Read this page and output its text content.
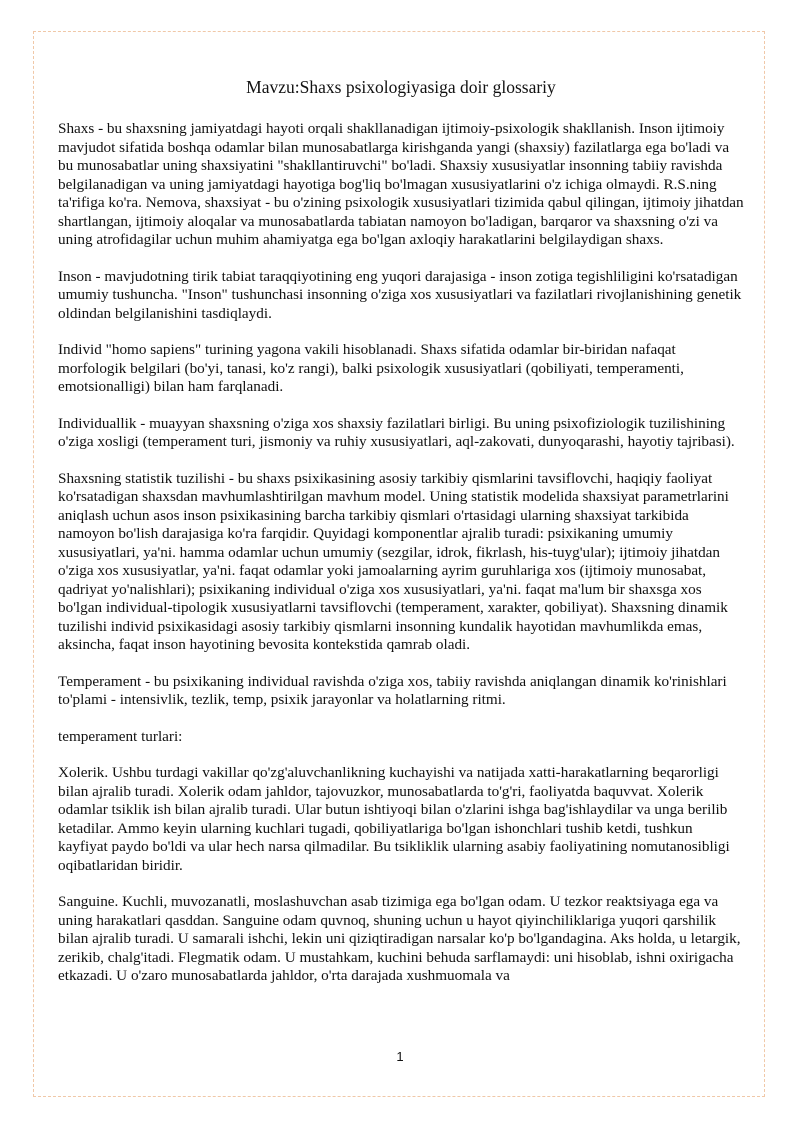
Mavzu:Shaxs psixologiyasiga doir glossariy

Shaxs - bu shaxsning jamiyatdagi hayoti orqali shakllanadigan ijtimoiy-psixologik shakllanish. Inson ijtimoiy mavjudot sifatida boshqa odamlar bilan munosabatlarga kirishganda yangi (shaxsiy) fazilatlarga ega bo'ladi va bu munosabatlar uning shaxsiyatini "shakllantiruvchi" bo'ladi. Shaxsiy xususiyatlar insonning tabiiy ravishda belgilanadigan va uning jamiyatdagi hayotiga bog'liq bo'lmagan xususiyatlarini o'z ichiga olmaydi. R.S.ning ta'rifiga ko'ra. Nemova, shaxsiyat - bu o'zining psixologik xususiyatlari tizimida qabul qilingan, ijtimoiy jihatdan shartlangan, ijtimoiy aloqalar va munosabatlarda tabiatan namoyon bo'ladigan, barqaror va shaxsning o'zi va uning atrofidagilar uchun muhim ahamiyatga ega bo'lgan axloqiy harakatlarini belgilaydigan shaxs.

Inson - mavjudotning tirik tabiat taraqqiyotining eng yuqori darajasiga - inson zotiga tegishliligini ko'rsatadigan umumiy tushuncha. "Inson" tushunchasi insonning o'ziga xos xususiyatlari va fazilatlari rivojlanishining genetik oldindan belgilanishini tasdiqlaydi.

Individ "homo sapiens" turining yagona vakili hisoblanadi. Shaxs sifatida odamlar bir-biridan nafaqat morfologik belgilari (bo'yi, tanasi, ko'z rangi), balki psixologik xususiyatlari (qobiliyati, temperamenti, emotsionalligi) bilan ham farqlanadi.

Individuallik - muayyan shaxsning o'ziga xos shaxsiy fazilatlari birligi. Bu uning psixofiziologik tuzilishining o'ziga xosligi (temperament turi, jismoniy va ruhiy xususiyatlari, aql-zakovati, dunyoqarashi, hayotiy tajribasi).

Shaxsning statistik tuzilishi - bu shaxs psixikasining asosiy tarkibiy qismlarini tavsiflovchi, haqiqiy faoliyat ko'rsatadigan shaxsdan mavhumlashtirilgan mavhum model. Uning statistik modelida shaxsiyat parametrlarini aniqlash uchun asos inson psixikasining barcha tarkibiy qismlari o'rtasidagi ularning shaxsiyat tarkibida namoyon bo'lish darajasiga ko'ra farqidir. Quyidagi komponentlar ajralib turadi: psixikaning umumiy xususiyatlari, ya'ni. hamma odamlar uchun umumiy (sezgilar, idrok, fikrlash, his-tuyg'ular); ijtimoiy jihatdan o'ziga xos xususiyatlar, ya'ni. faqat odamlar yoki jamoalarning ayrim guruhlariga xos (ijtimoiy munosabat, qadriyat yo'nalishlari); psixikaning individual o'ziga xos xususiyatlari, ya'ni. faqat ma'lum bir shaxsga xos bo'lgan individual-tipologik xususiyatlarni tavsiflovchi (temperament, xarakter, qobiliyat). Shaxsning dinamik tuzilishi individ psixikasidagi asosiy tarkibiy qismlarni insonning kundalik hayotidan mavhumlikda emas, aksincha, faqat inson hayotining bevosita kontekstida qamrab oladi.

Temperament - bu psixikaning individual ravishda o'ziga xos, tabiiy ravishda aniqlangan dinamik ko'rinishlari to'plami - intensivlik, tezlik, temp, psixik jarayonlar va holatlarning ritmi.

temperament turlari:

Xolerik. Ushbu turdagi vakillar qo'zg'aluvchanlikning kuchayishi va natijada xatti-harakatlarning beqarorligi bilan ajralib turadi. Xolerik odam jahldor, tajovuzkor, munosabatlarda to'g'ri, faoliyatda baquvvat. Xolerik odamlar tsiklik ish bilan ajralib turadi. Ular butun ishtiyoqi bilan o'zlarini ishga bag'ishlaydilar va unga berilib ketadilar. Ammo keyin ularning kuchlari tugadi, qobiliyatlariga bo'lgan ishonchlari tushib ketdi, tushkun kayfiyat paydo bo'ldi va ular hech narsa qilmadilar. Bu tsikliklik ularning asabiy faoliyatining nomutanosibligi oqibatlaridan biridir.

Sanguine. Kuchli, muvozanatli, moslashuvchan asab tizimiga ega bo'lgan odam. U tezkor reaktsiyaga ega va uning harakatlari qasddan. Sanguine odam quvnoq, shuning uchun u hayot qiyinchiliklariga yuqori qarshilik bilan ajralib turadi. U samarali ishchi, lekin uni qiziqtiradigan narsalar ko'p bo'lgandagina. Aks holda, u letargik, zerikib, chalg'itadi. Flegmatik odam. U mustahkam, kuchini behuda sarflamaydi: uni hisoblab, ishni oxirigacha etkazadi. U o'zaro munosabatlarda jahldor, o'rta darajada xushmuomala va

1
